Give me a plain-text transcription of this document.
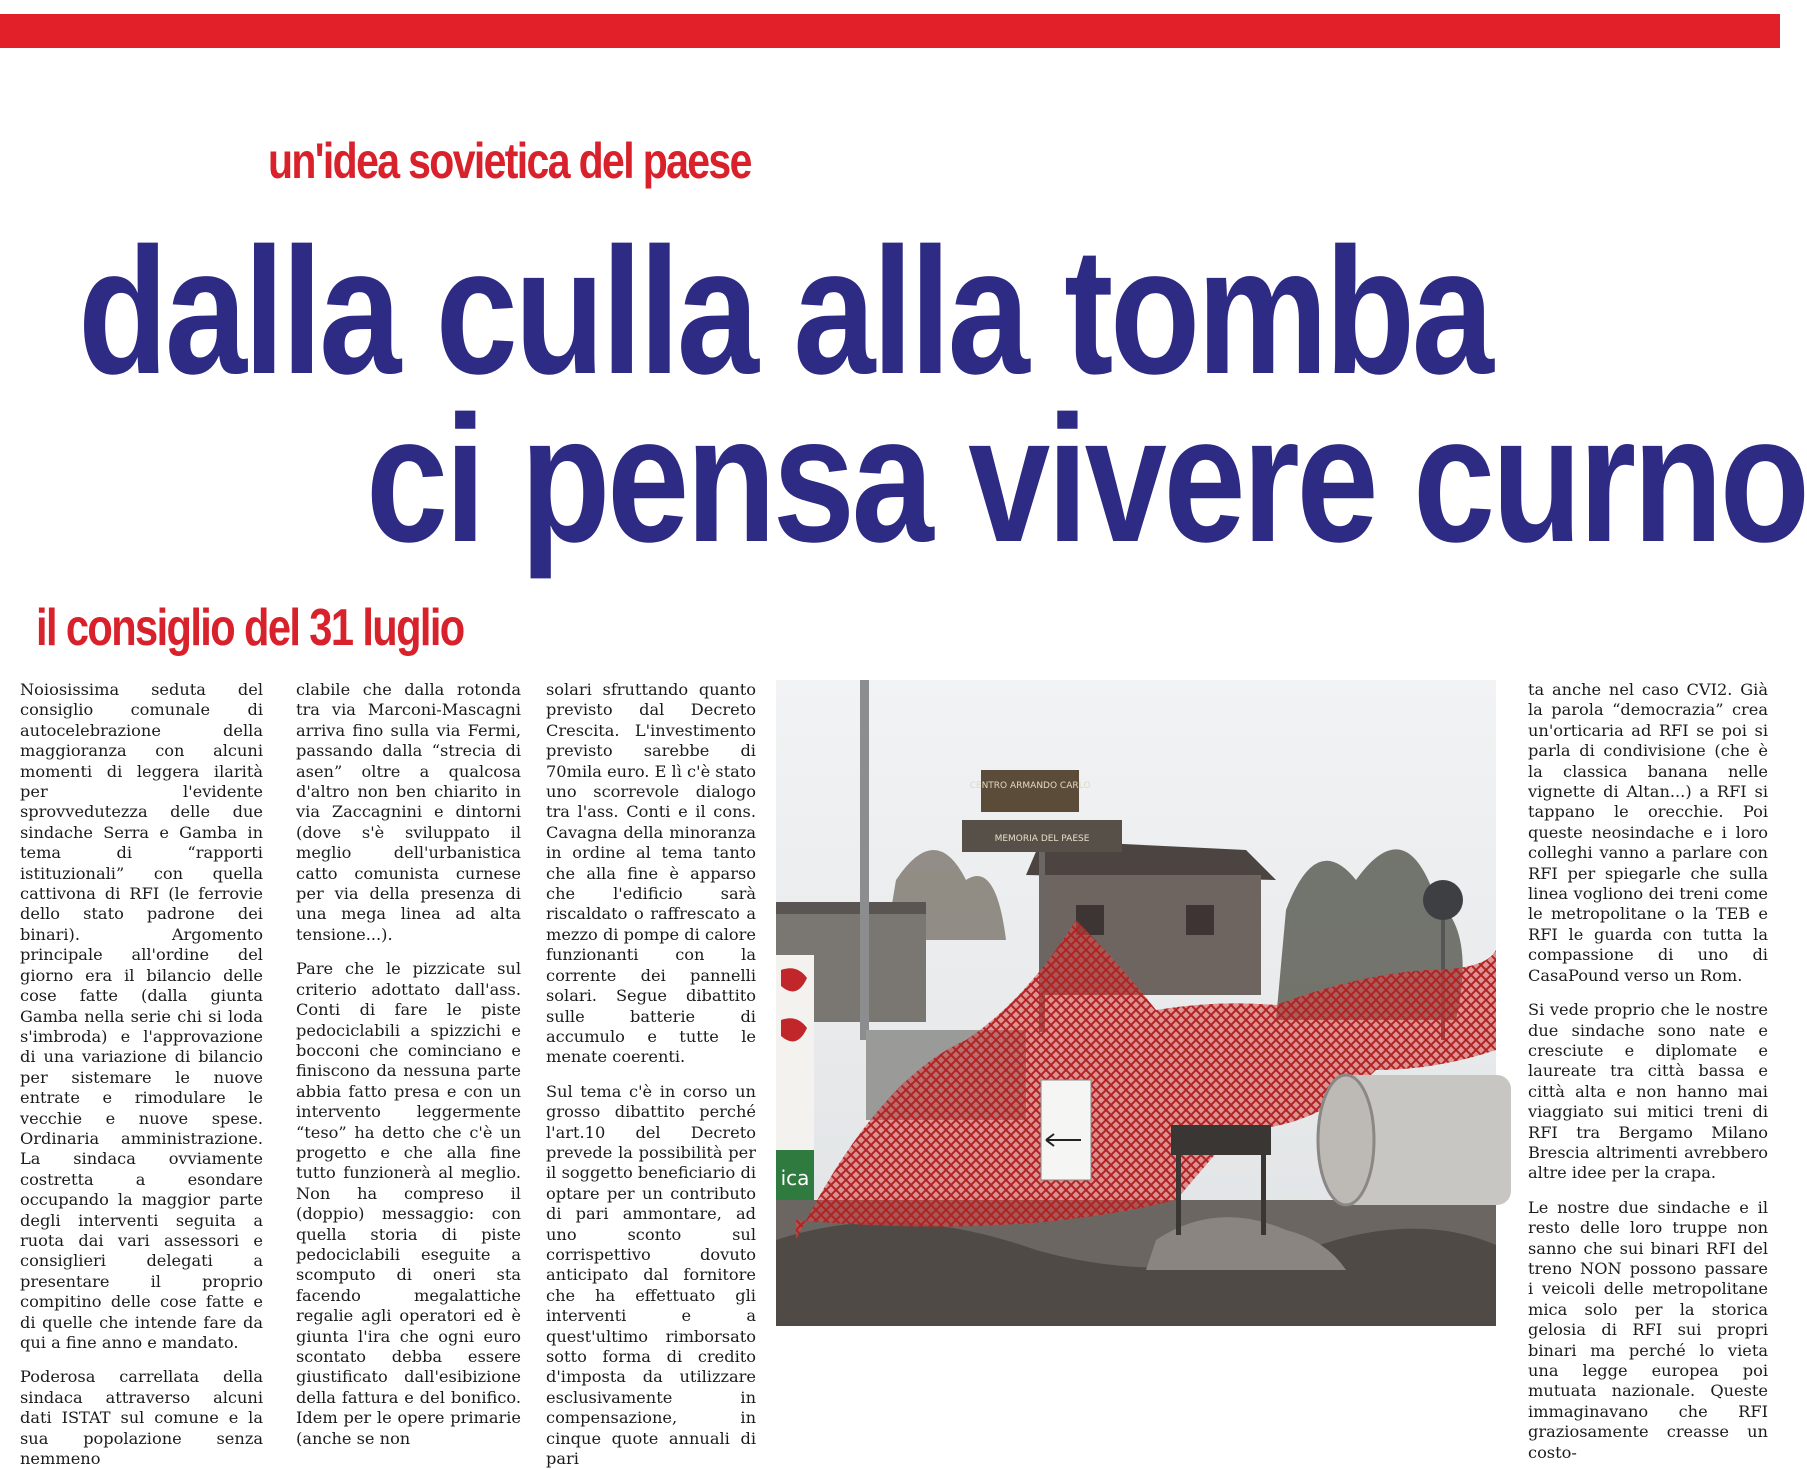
un'idea sovietica del paese
dalla culla alla tomba
ci pensa vivere curno
il consiglio del 31 luglio

Noiosissima seduta del consiglio comunale di autocelebrazione della maggioranza con alcuni momenti di leggera ilarità per l'evidente sprovvedutezza delle due sindache Serra e Gamba in tema di “rapporti istituzionali” con quella cattivona di RFI (le ferrovie dello stato padrone dei binari). Argomento principale all'ordine del giorno era il bilancio delle cose fatte (dalla giunta Gamba nella serie chi si loda s'imbroda) e l'approvazione di una variazione di bilancio per sistemare le nuove entrate e rimodulare le vecchie e nuove spese. Ordinaria amministrazione. La sindaca ovviamente costretta a esondare occupando la maggior parte degli interventi seguita a ruota dai vari assessori e consiglieri delegati a presentare il proprio compitino delle cose fatte e di quelle che intende fare da qui a fine anno e mandato.

Poderosa carrellata della sindaca attraverso alcuni dati ISTAT sul comune e la sua popolazione senza nemmeno

clabile che dalla rotonda tra via Marconi-Mascagni arriva fino sulla via Fermi, passando dalla “strecia di asen” oltre a qualcosa d'altro non ben chiarito in via Zaccagnini e dintorni (dove s'è sviluppato il meglio dell'urbanistica catto comunista curnese per via della presenza di una mega linea ad alta tensione...).

Pare che le pizzicate sul criterio adottato dall'ass. Conti di fare le piste pedociclabili a spizzichi e bocconi che cominciano e finiscono da nessuna parte abbia fatto presa e con un intervento leggermente “teso” ha detto che c'è un progetto e che alla fine tutto funzionerà al meglio. Non ha compreso il (doppio) messaggio: con quella storia di piste pedociclabili eseguite a scomputo di oneri sta facendo megalattiche regalie agli operatori ed è giunta l'ira che ogni euro scontato debba essere giustificato dall'esibizione della fattura e del bonifico. Idem per le opere primarie (anche se non

solari sfruttando quanto previsto dal Decreto Crescita. L'investimento previsto sarebbe di 70mila euro. E lì c'è stato uno scorrevole dialogo tra l'ass. Conti e il cons. Cavagna della minoranza in ordine al tema tanto che alla fine è apparso che l'edificio sarà riscaldato o raffrescato a mezzo di pompe di calore funzionanti con la corrente dei pannelli solari. Segue dibattito sulle batterie di accumulo e tutte le menate coerenti.

Sul tema c'è in corso un grosso dibattito perché l'art.10 del Decreto prevede la possibilità per il soggetto beneficiario di optare per un contributo di pari ammontare, ad uno sconto sul corrispettivo dovuto anticipato dal fornitore che ha effettuato gli interventi e a quest'ultimo rimborsato sotto forma di credito d'imposta da utilizzare esclusivamente in compensazione, in cinque quote annuali di pari

CENTRO ARMANDO CARLO
MEMORIA DEL PAESE
ica

ta anche nel caso CVI2. Già la parola “democrazia” crea un'orticaria ad RFI se poi si parla di condivisione (che è la classica banana nelle vignette di Altan...) a RFI si tappano le orecchie. Poi queste neosindache e i loro colleghi vanno a parlare con RFI per spiegarle che sulla linea vogliono dei treni come le metropolitane o la TEB e RFI le guarda con tutta la compassione di uno di CasaPound verso un Rom.

Si vede proprio che le nostre due sindache sono nate e cresciute e diplomate e laureate tra città bassa e città alta e non hanno mai viaggiato sui mitici treni di RFI tra Bergamo Milano Brescia altrimenti avrebbero altre idee per la crapa.

Le nostre due sindache e il resto delle loro truppe non sanno che sui binari RFI del treno NON possono passare i veicoli delle metropolitane mica solo per la storica gelosia di RFI sui propri binari ma perché lo vieta una legge europea poi mutuata nazionale. Queste immaginavano che RFI graziosamente creasse un costo-
